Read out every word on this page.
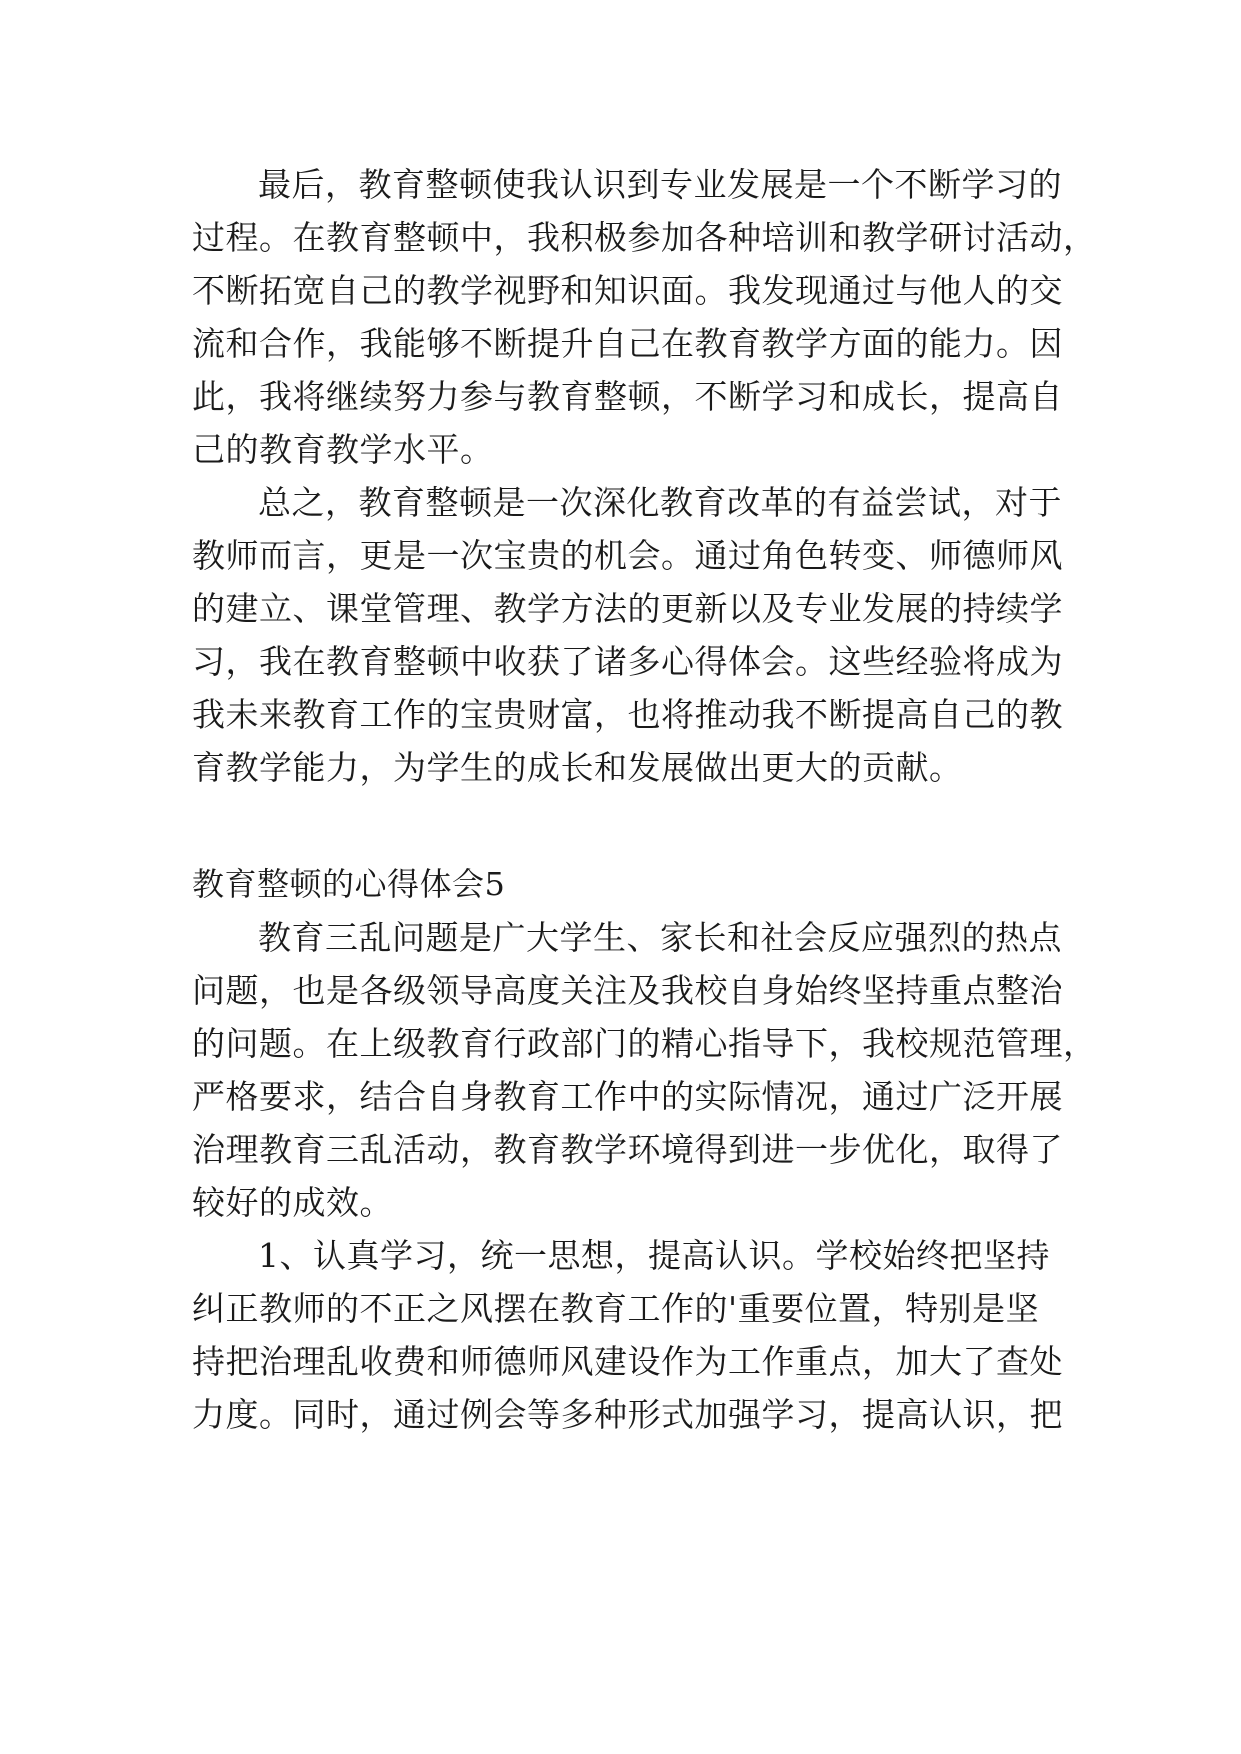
最后，教育整顿使我认识到专业发展是一个不断学习的
过程。在教育整顿中，我积极参加各种培训和教学研讨活动，
不断拓宽自己的教学视野和知识面。我发现通过与他人的交
流和合作，我能够不断提升自己在教育教学方面的能力。因
此，我将继续努力参与教育整顿，不断学习和成长，提高自
己的教育教学水平。
总之，教育整顿是一次深化教育改革的有益尝试，对于
教师而言，更是一次宝贵的机会。通过角色转变、师德师风
的建立、课堂管理、教学方法的更新以及专业发展的持续学
习，我在教育整顿中收获了诸多心得体会。这些经验将成为
我未来教育工作的宝贵财富，也将推动我不断提高自己的教
育教学能力，为学生的成长和发展做出更大的贡献。
教育整顿的心得体会5
教育三乱问题是广大学生、家长和社会反应强烈的热点
问题，也是各级领导高度关注及我校自身始终坚持重点整治
的问题。在上级教育行政部门的精心指导下，我校规范管理，
严格要求，结合自身教育工作中的实际情况，通过广泛开展
治理教育三乱活动，教育教学环境得到进一步优化，取得了
较好的成效。
1、认真学习，统一思想，提高认识。学校始终把坚持
纠正教师的不正之风摆在教育工作的'重要位置，特别是坚
持把治理乱收费和师德师风建设作为工作重点，加大了查处
力度。同时，通过例会等多种形式加强学习，提高认识，把
